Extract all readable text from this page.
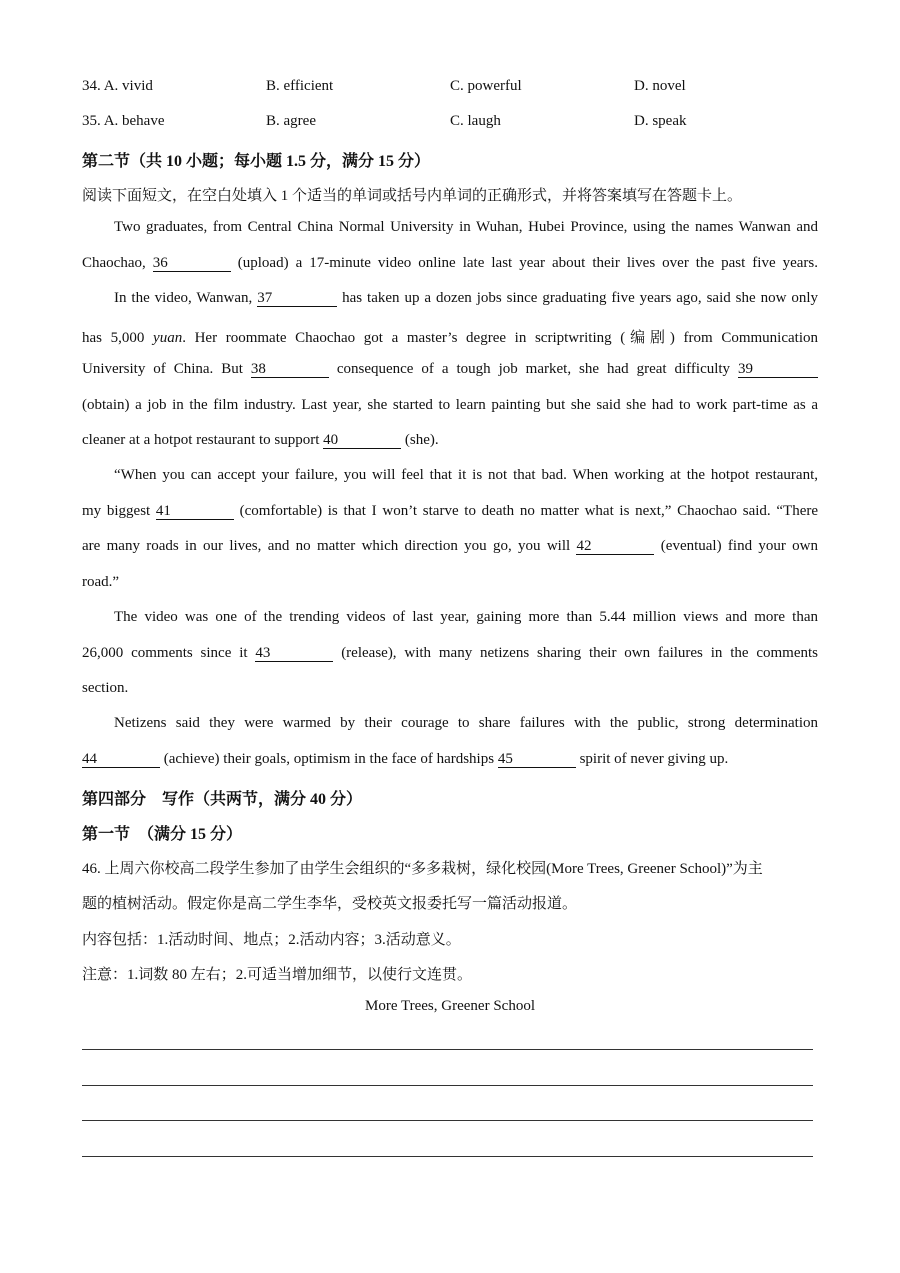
34. A. vivid	B. efficient	C. powerful	D. novel
35. A. behave	B. agree	C. laugh	D. speak
第二节（共 10 小题；每小题 1.5 分，满分 15 分）
阅读下面短文，在空白处填入 1 个适当的单词或括号内单词的正确形式，并将答案填写在答题卡上。
Two graduates, from Central China Normal University in Wuhan, Hubei Province, using the names Wanwan and
Chaochao, 36	(upload) a 17-minute video online late last year about their lives over the past five years.
In the video, Wanwan, 37	has taken up a dozen jobs since graduating five years ago, said she now only
has 5,000 yuan. Her roommate Chaochao got a master’s degree in scriptwriting (编剧) from Communication
University of China. But 38	consequence of a tough job market, she had great difficulty 39
(obtain) a job in the film industry. Last year, she started to learn painting but she said she had to work part-time as a
cleaner at a hotpot restaurant to support 40	(she).
“When you can accept your failure, you will feel that it is not that bad. When working at the hotpot restaurant,
my biggest 41	(comfortable) is that I won’t starve to death no matter what is next,” Chaochao said. “There
are many roads in our lives, and no matter which direction you go, you will 42	(eventual) find your own
road.”
The video was one of the trending videos of last year, gaining more than 5.44 million views and more than
26,000 comments since it 43	(release), with many netizens sharing their own failures in the comments
section.
Netizens said they were warmed by their courage to share failures with the public, strong determination
44	(achieve) their goals, optimism in the face of hardships 45	spirit of never giving up.
第四部分　写作（共两节，满分 40 分）
第一节　（满分 15 分）
46. 上周六你校高二段学生参加了由学生会组织的“多多栽树，绿化校园(More Trees, Greener School)”为主
题的植树活动。假定你是高二学生李华，受校英文报委托写一篇活动报道。
内容包括：1.活动时间、地点；2.活动内容；3.活动意义。
注意：1.词数 80 左右；2.可适当增加细节，以使行文连贯。
More Trees, Greener School
